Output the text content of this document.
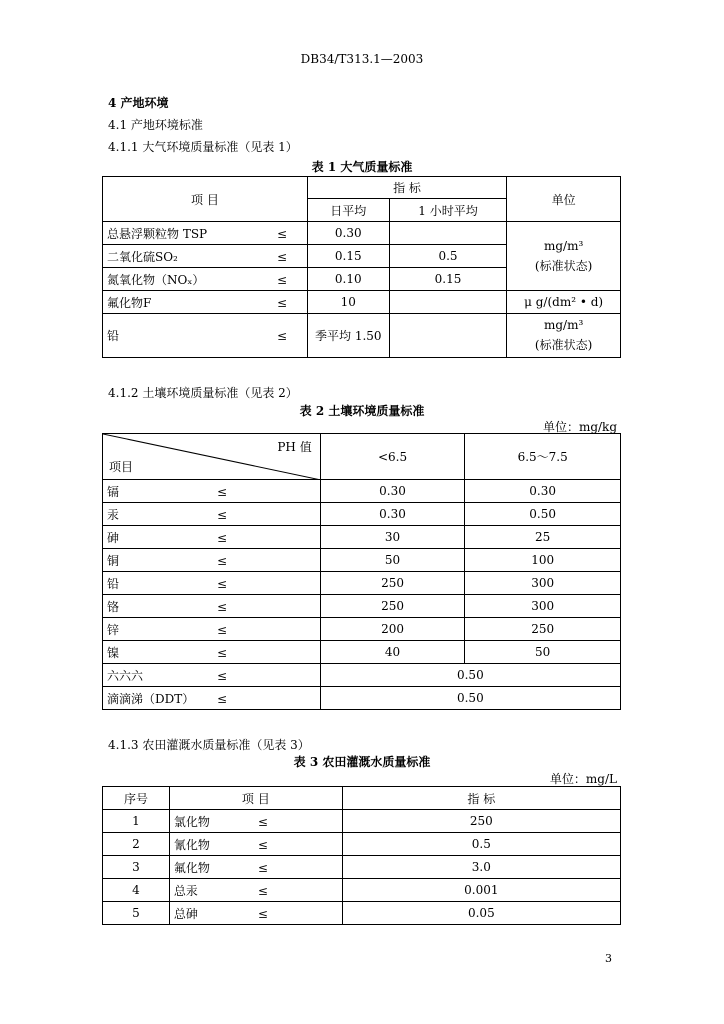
DB34/T313.1—2003
4 产地环境
4.1 产地环境标准
4.1.1 大气环境质量标准（见表 1）
表 1 大气质量标准
项 目	指 标		单位
	日平均	1 小时平均	
总悬浮颗粒物 TSP ≤	0.30		mg/m³
(标准状态)

二氧化硫SO₂ ≤	0.15	0.5	
氮氧化物（NOₓ） ≤	0.10	0.15	
氟化物F ≤	10		μ g/(dm² • d)
铅 ≤	季平均 1.50		mg/m³
(标准状态)
4.1.2 土壤环境质量标准（见表 2）
表 2 土壤环境质量标准
单位：mg/kg
PH 值
项目	<6.5	6.5～7.5
镉 ≤	0.30	0.30
汞 ≤	0.30	0.50
砷 ≤	30	25
铜 ≤	50	100
铅 ≤	250	300
铬 ≤	250	300
锌 ≤	200	250
镍 ≤	40	50
六六六 ≤	0.50	
滴滴涕（DDT） ≤	0.50	
4.1.3 农田灌溉水质量标准（见表 3）
表 3 农田灌溉水质量标准
单位：mg/L
序号	项 目	指 标
1	氯化物 ≤	250
2	氰化物 ≤	0.5
3	氟化物 ≤	3.0
4	总汞 ≤	0.001
5	总砷 ≤	0.05
3
